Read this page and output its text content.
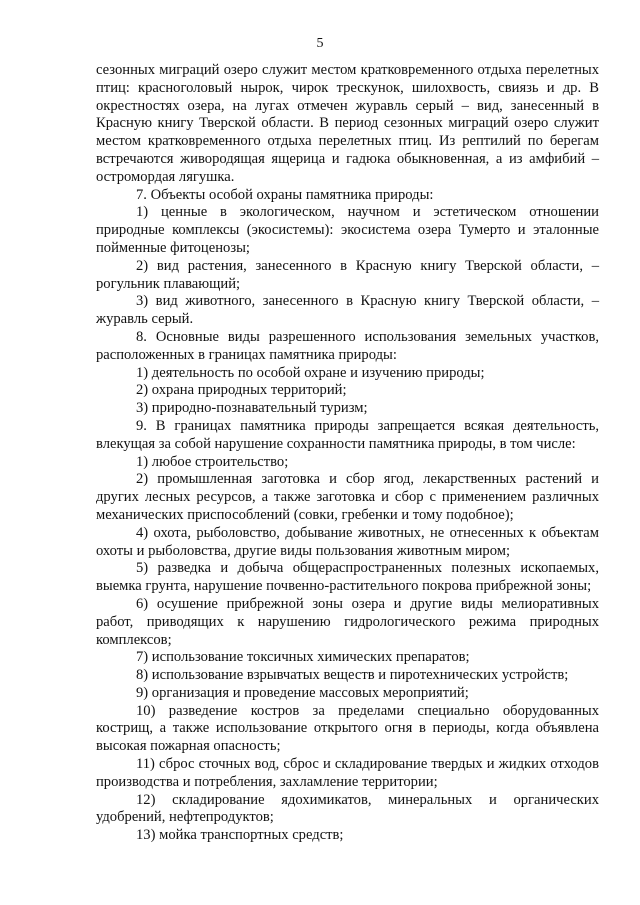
5

сезонных миграций озеро служит местом кратковременного отдыха перелетных птиц: красноголовый нырок, чирок трескунок, шилохвость, свиязь и др. В окрестностях озера, на лугах отмечен журавль серый – вид, занесенный в Красную книгу Тверской области. В период сезонных миграций озеро служит местом кратковременного отдыха перелетных птиц. Из рептилий по берегам встречаются живородящая ящерица и гадюка обыкновенная, а из амфибий – остромордая лягушка.

7. Объекты особой охраны памятника природы:

1) ценные в экологическом, научном и эстетическом отношении природные комплексы (экосистемы): экосистема озера Тумерто и эталонные пойменные фитоценозы;

2) вид растения, занесенного в Красную книгу Тверской области, – рогульник плавающий;

3) вид животного, занесенного в Красную книгу Тверской области, – журавль серый.

8. Основные виды разрешенного использования земельных участков, расположенных в границах памятника природы:

1) деятельность по особой охране и изучению природы;

2) охрана природных территорий;

3) природно-познавательный туризм;

9. В границах памятника природы запрещается всякая деятельность, влекущая за собой нарушение сохранности памятника природы, в том числе:

1) любое строительство;

2) промышленная заготовка и сбор ягод, лекарственных растений и других лесных ресурсов, а также заготовка и сбор с применением различных механических приспособлений (совки, гребенки и тому подобное);

4) охота, рыболовство, добывание животных, не отнесенных к объектам охоты и рыболовства, другие виды пользования животным миром;

5) разведка и добыча общераспространенных полезных ископаемых, выемка грунта, нарушение почвенно-растительного покрова прибрежной зоны;

6) осушение прибрежной зоны озера и другие виды мелиоративных работ, приводящих к нарушению гидрологического режима природных комплексов;

7) использование токсичных химических препаратов;

8) использование взрывчатых веществ и пиротехнических устройств;

9) организация и проведение массовых мероприятий;

10) разведение костров за пределами специально оборудованных кострищ, а также использование открытого огня в периоды, когда объявлена высокая пожарная опасность;

11) сброс сточных вод, сброс и складирование твердых и жидких отходов производства и потребления, захламление территории;

12) складирование ядохимикатов, минеральных и органических удобрений, нефтепродуктов;

13) мойка транспортных средств;
